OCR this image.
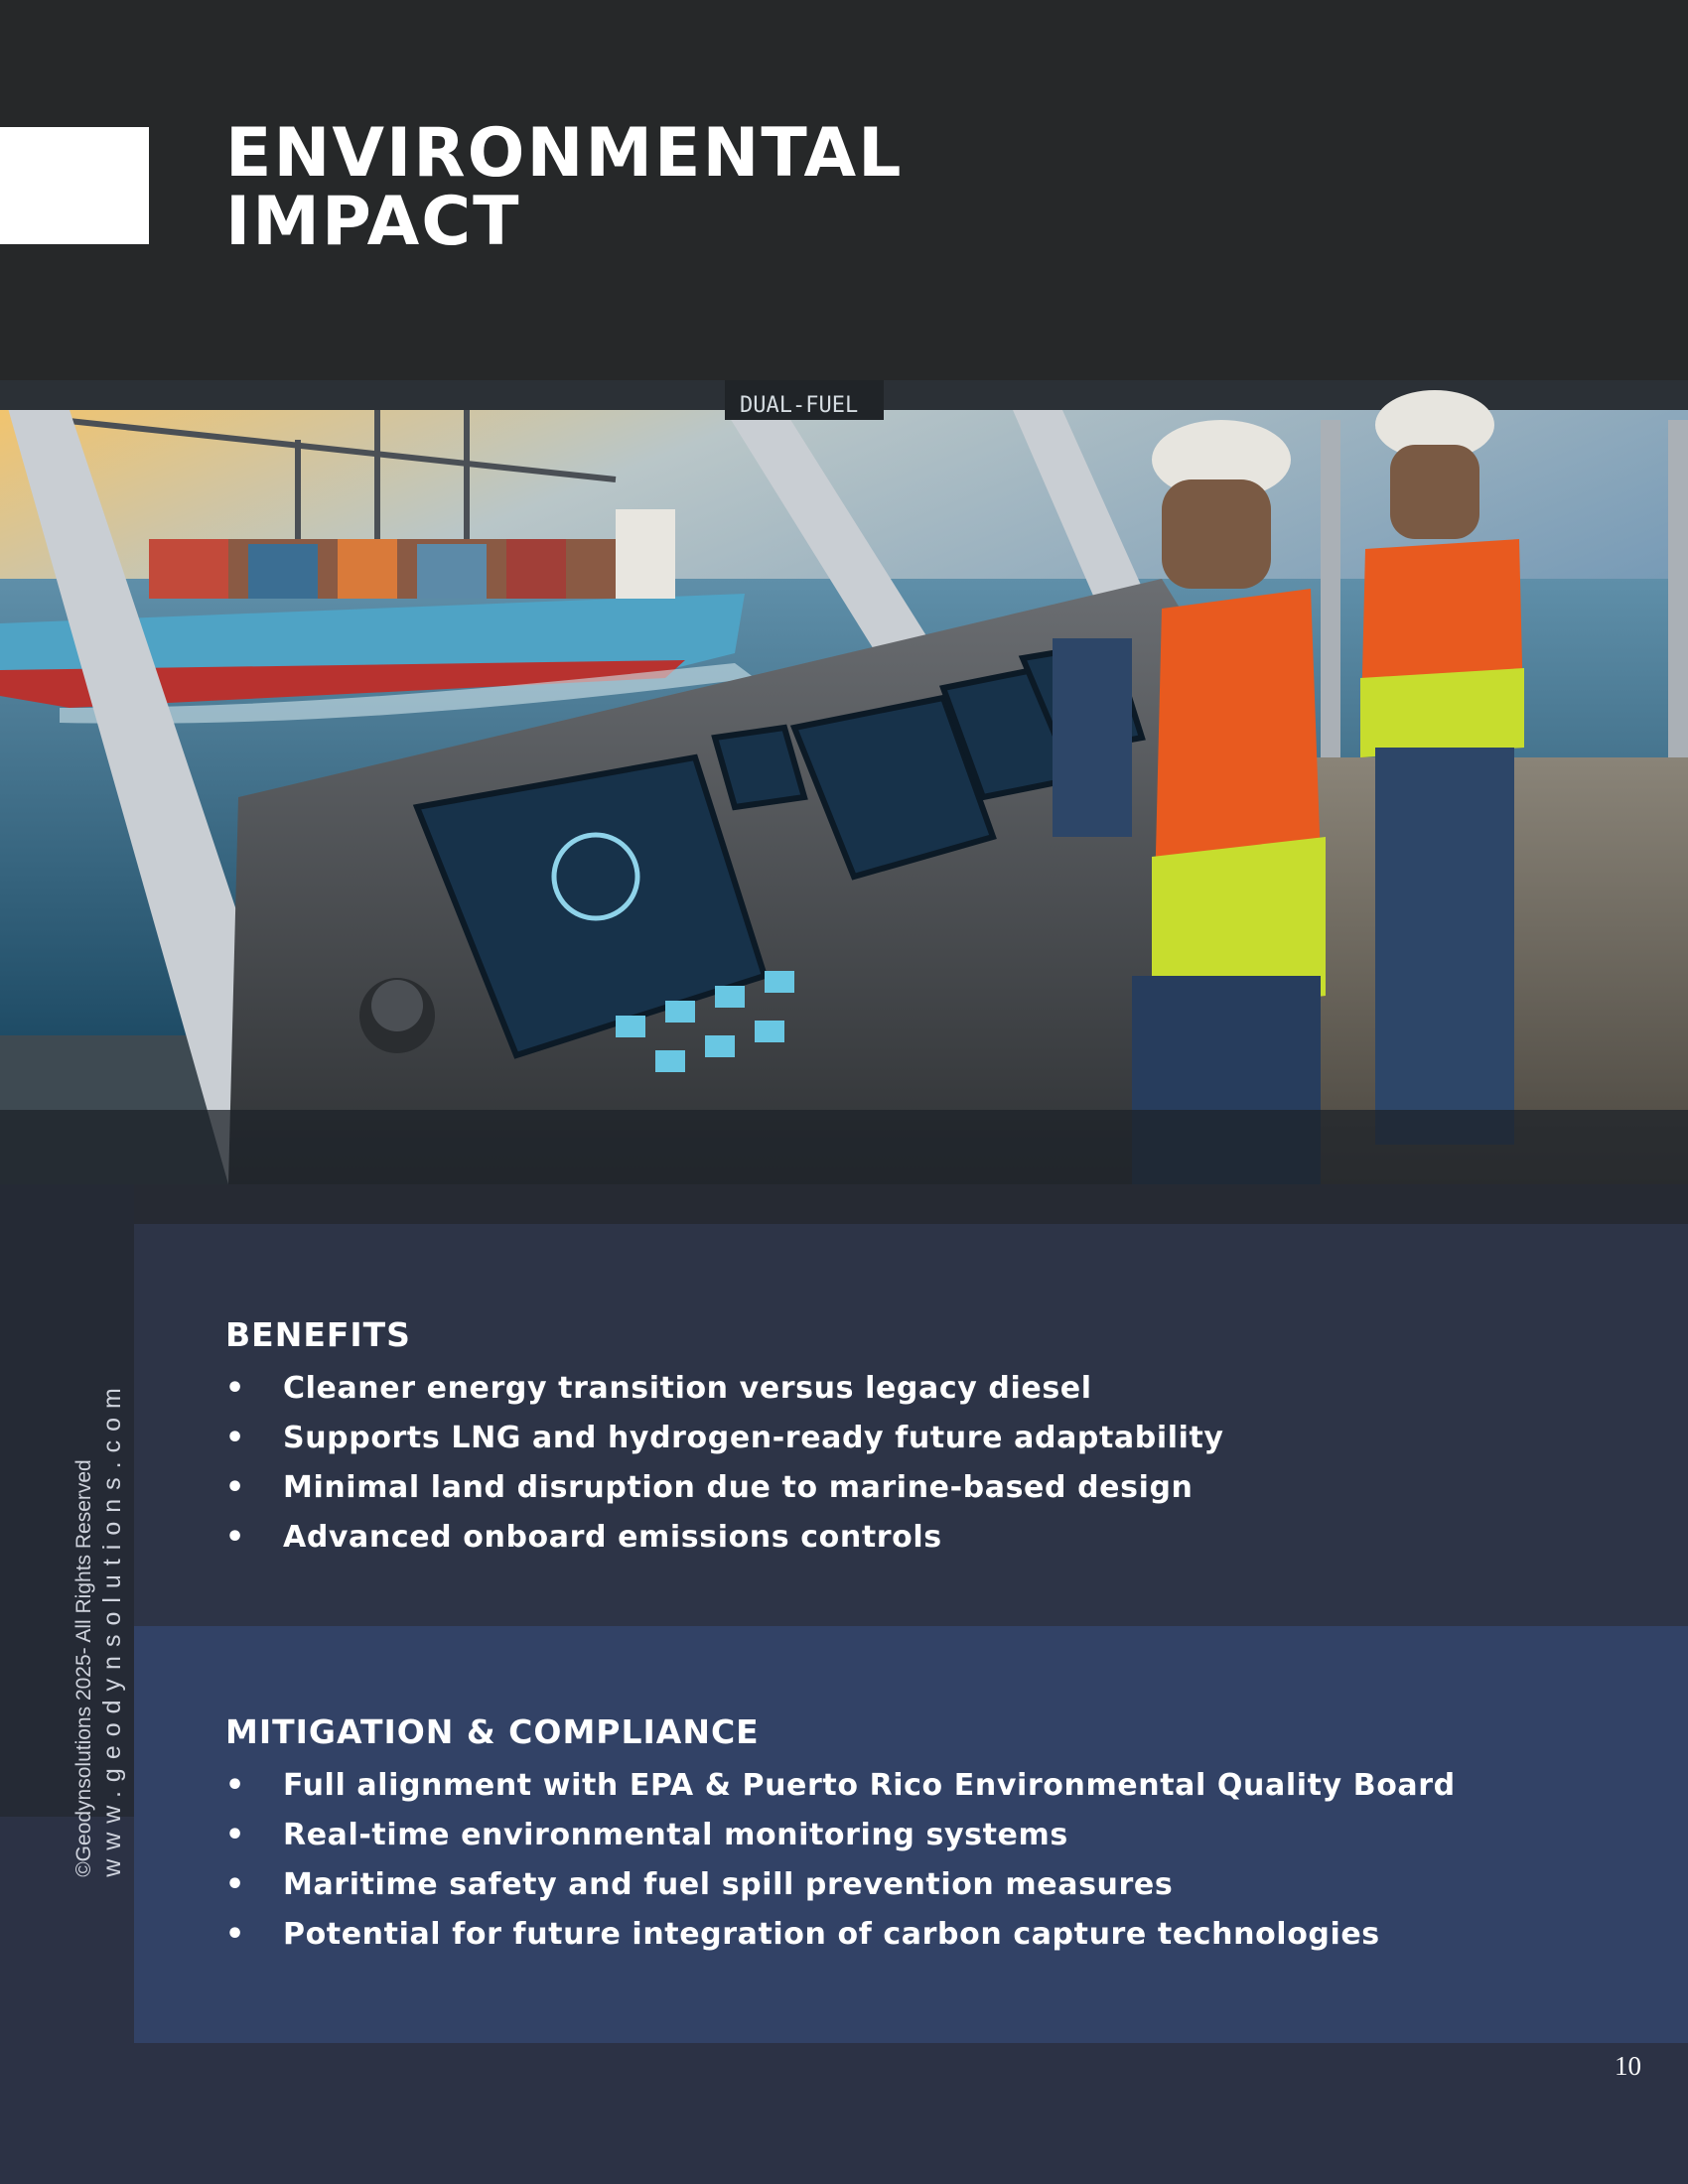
ENVIRONMENTAL
IMPACT
DUAL-FUEL
BENEFITS
• Cleaner energy transition versus legacy diesel
• Supports LNG and hydrogen-ready future adaptability
• Minimal land disruption due to marine-based design
• Advanced onboard emissions controls
MITIGATION & COMPLIANCE
• Full alignment with EPA & Puerto Rico Environmental Quality Board
• Real-time environmental monitoring systems
• Maritime safety and fuel spill prevention measures
• Potential for future integration of carbon capture technologies
©Geodynsolutions 2025- All Rights Reserved www.geodynsolutions.com
10
